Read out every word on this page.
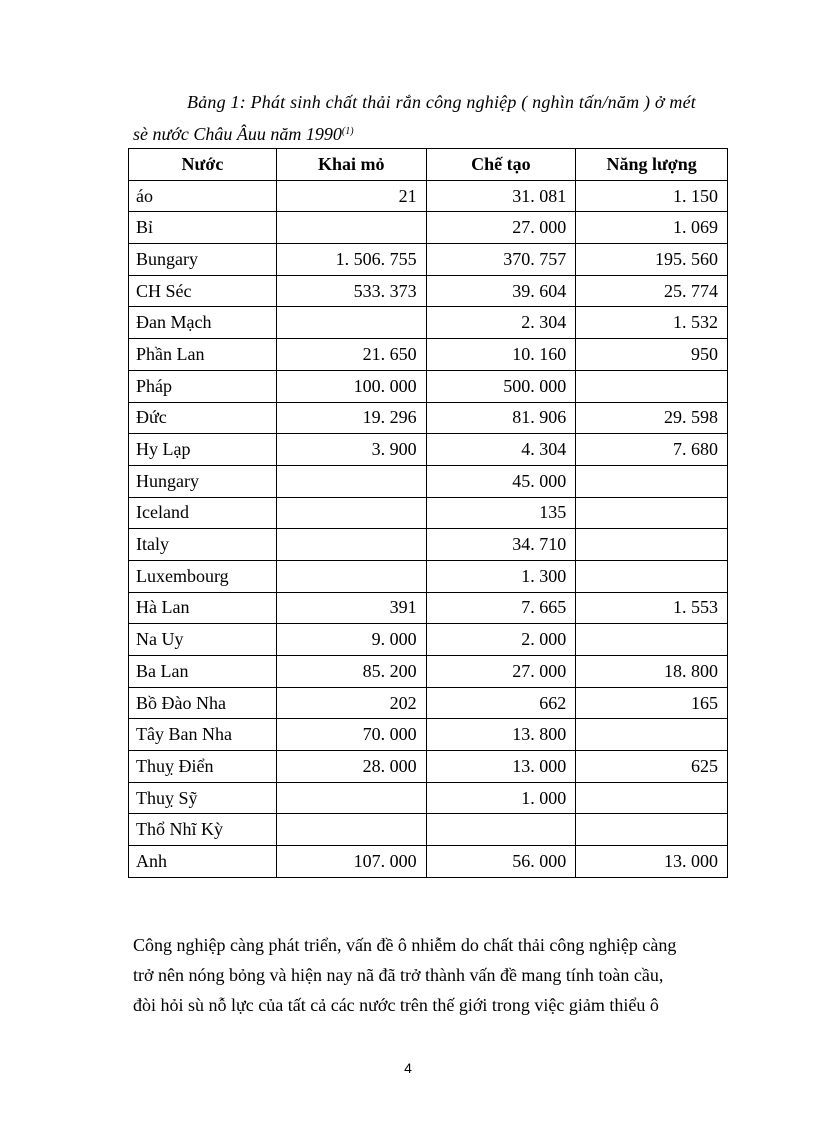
Bảng 1: Phát sinh chất thải rắn công nghiệp ( nghìn tấn/năm ) ở mét
sè nước Châu Âuu năm 1990$^{(1)}$
Nước	Khai mỏ	Chế tạo	Năng lượng
áo	21	31. 081	1. 150
Bỉ		27. 000	1. 069
Bungary	1. 506. 755	370. 757	195. 560
CH Séc	533. 373	39. 604	25. 774
Đan Mạch		2. 304	1. 532
Phần Lan	21. 650	10. 160	950
Pháp	100. 000	500. 000	
Đức	19. 296	81. 906	29. 598
Hy Lạp	3. 900	4. 304	7. 680
Hungary		45. 000	
Iceland		135	
Italy		34. 710	
Luxembourg		1. 300	
Hà Lan	391	7. 665	1. 553
Na Uy	9. 000	2. 000	
Ba Lan	85. 200	27. 000	18. 800
Bồ Đào Nha	202	662	165
Tây Ban Nha	70. 000	13. 800	
Thuỵ Điển	28. 000	13. 000	625
Thuỵ Sỹ		1. 000	
Thổ Nhĩ Kỳ			
Anh	107. 000	56. 000	13. 000
Công nghiệp càng phát triển, vấn đề ô nhiễm do chất thải công nghiệp càng
trở nên nóng bỏng và hiện nay nã đã trở thành vấn đề mang tính toàn cầu,
đòi hỏi sù nỗ lực của tất cả các nước trên thế giới trong việc giảm thiểu ô
4
